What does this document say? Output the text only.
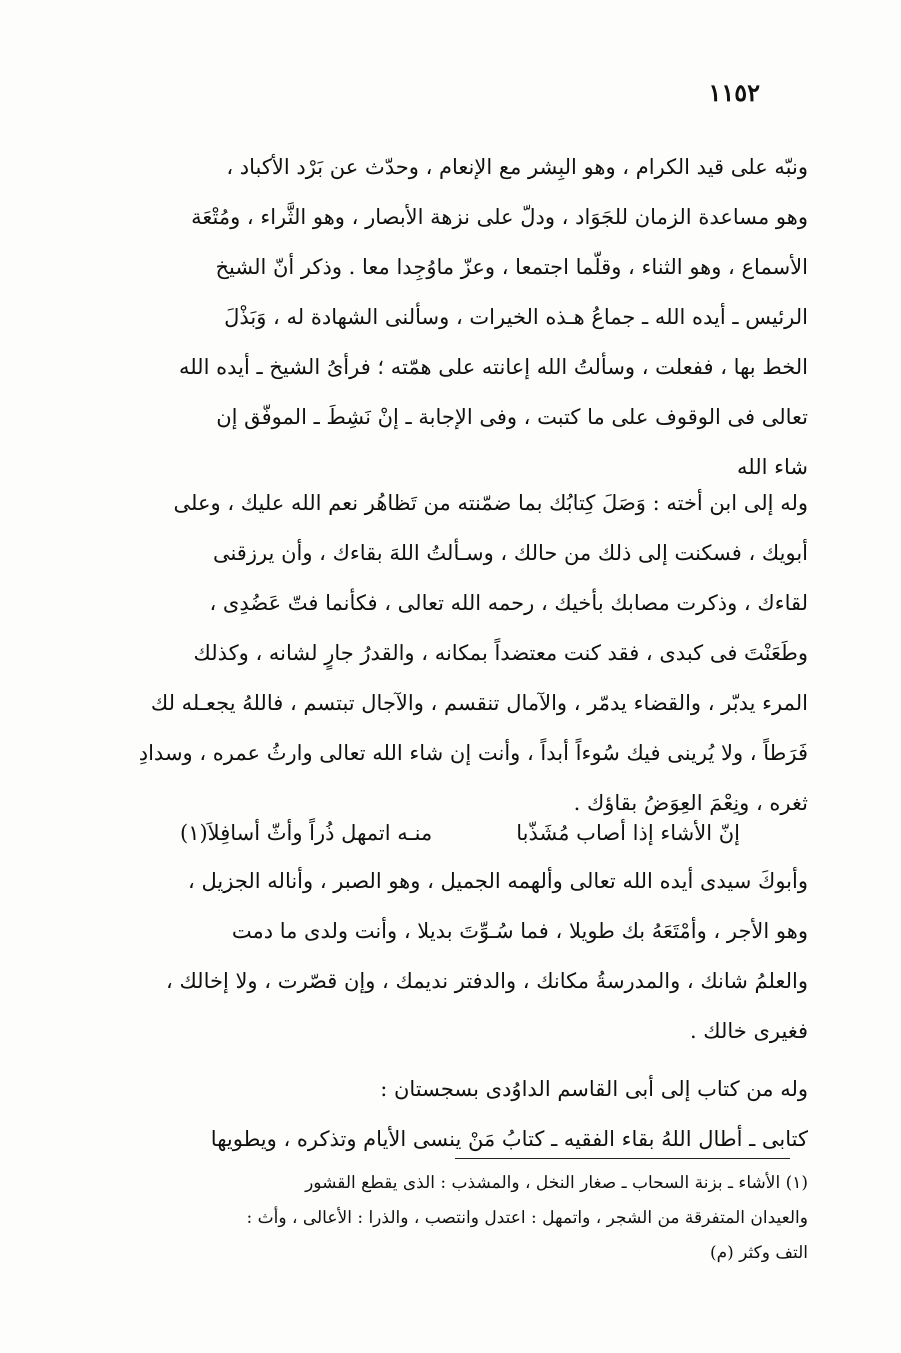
١١٥٢
ونبّه على قيد الكرام ، وهو البِشر مع الإنعام ، وحدّث عن بَرْد الأكباد ،
وهو مساعدة الزمان للجَوَاد ، ودلّ على نزهة الأبصار ، وهو الثَّراء ، ومُتْعَة
الأسماع ، وهو الثناء ، وقلّما اجتمعا ، وعزّ ماوُجِدا معا . وذكر أنّ الشيخ
الرئيس ـ أيده الله ـ جماعُ هـذه الخيرات ، وسألنى الشهادة له ، وَبَذْلَ
الخط بها ، ففعلت ، وسألتُ الله إعانته على همّته ؛ فرأىُ الشيخ ـ أيده الله
تعالى فى الوقوف على ما كتبت ، وفى الإجابة ـ إنْ نَشِطَ ـ الموفّق إن
شاء الله
وله إلى ابن أخته : وَصَلَ كِتابُك بما ضمّنته من تَظاهُر نعم الله عليك ، وعلى
أبويك ، فسكنت إلى ذلك من حالك ، وسـألتُ اللهَ بقاءك ، وأن يرزقنى
لقاءك ، وذكرت مصابك بأخيك ، رحمه الله تعالى ، فكأنما فتّ عَضُدِى ،
وطَعَنْتَ فى كبدى ، فقد كنت معتضداً بمكانه ، والقدرُ جارٍ لشانه ، وكذلك
المرء يدبّر ، والقضاء يدمّر ، والآمال تنقسم ، والآجال تبتسم ، فاللهُ يجعـله لك
فَرَطاً ، ولا يُرينى فيك سُوءاً أبداً ، وأنت إن شاء الله تعالى وارثُ عمره ، وسدادِ
ثغره ، ونِعْمَ العِوَضُ بقاؤك .
إنّ الأشاء إذا أصاب مُشَذّبا
منـه اتمهل ذُراً وأثّ أسافِلاَ(١)
وأبوكَ سيدى أيده الله تعالى وألهمه الجميل ، وهو الصبر ، وأناله الجزيل ،
وهو الأجر ، وأمْتَعَهُ بك طويلا ، فما سُـوِّتَ بديلا ، وأنت ولدى ما دمت
والعلمُ شانك ، والمدرسةُ مكانك ، والدفتر نديمك ، وإن قصّرت ، ولا إخالك ،
فغيرى خالك .
وله من كتاب إلى أبى القاسم الداوُدى بسجستان :
كتابى ـ أطال اللهُ بقاء الفقيه ـ كتابُ مَنْ ينسى الأيام وتذكره ، ويطويها
(١) الأشاء ـ بزنة السحاب ـ صغار النخل ، والمشذب : الذى يقطع القشور
والعيدان المتفرقة من الشجر ، واتمهل : اعتدل وانتصب ، والذرا : الأعالى ، وأث :
التف وكثر (م)
